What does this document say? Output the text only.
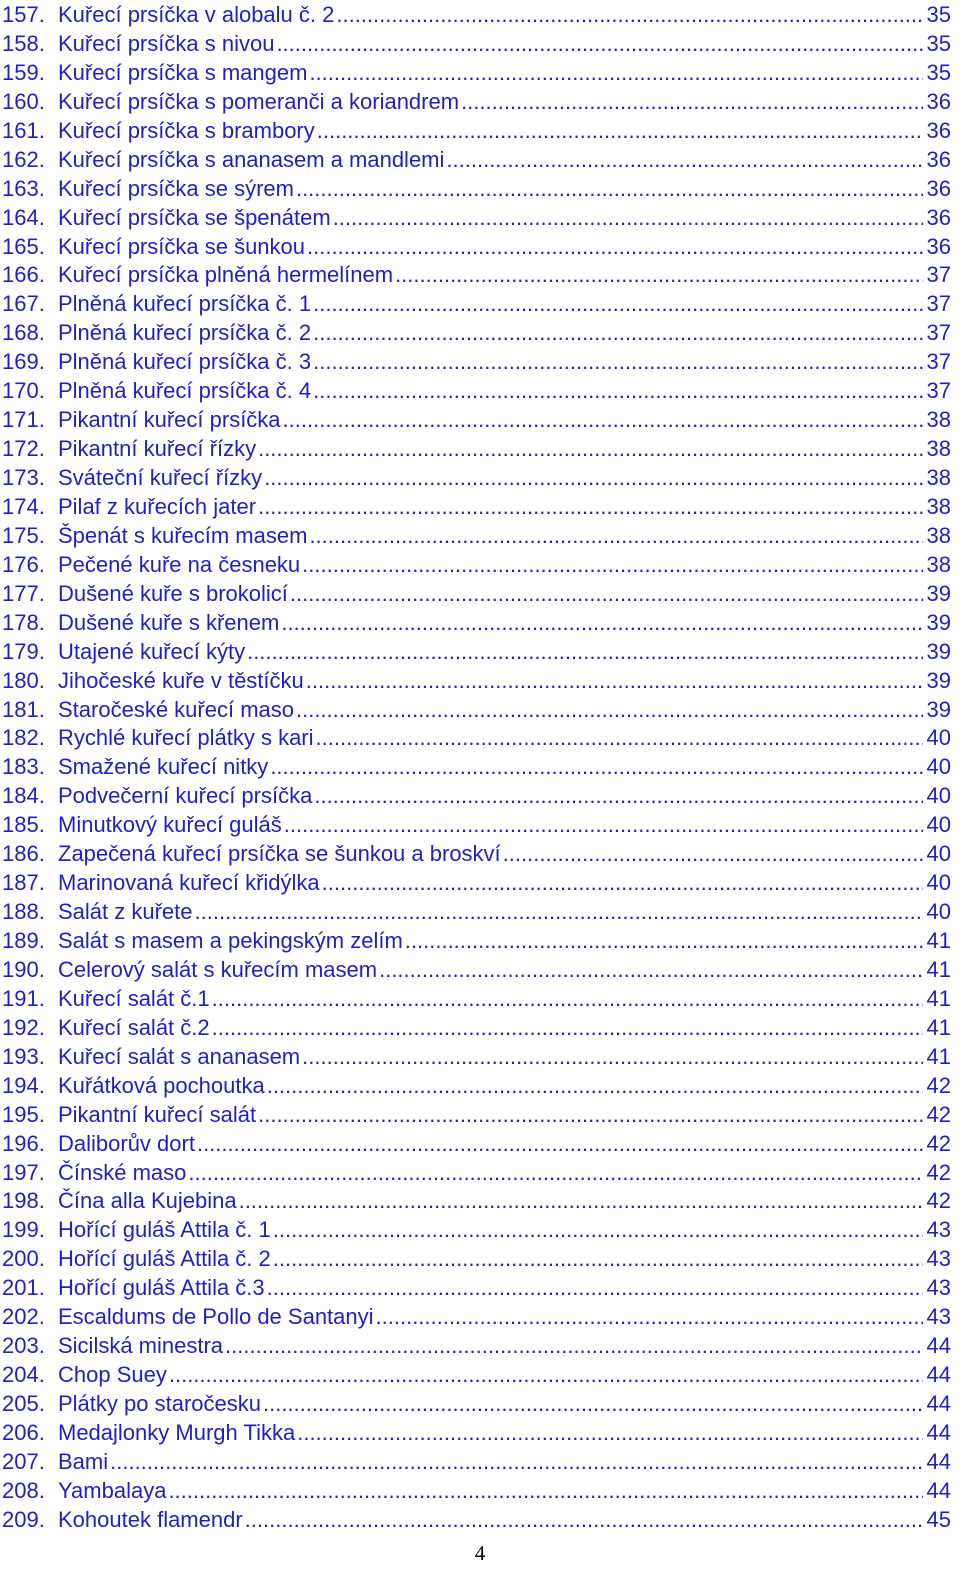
157. Kuřecí prsíčka v alobalu č. 2 .....	35
158. Kuřecí prsíčka s nivou .....	35
159. Kuřecí prsíčka s mangem .....	35
160. Kuřecí prsíčka s pomeranči a koriandrem .....	36
161. Kuřecí prsíčka s brambory .....	36
162. Kuřecí prsíčka s ananasem a mandlemi .....	36
163. Kuřecí prsíčka se sýrem .....	36
164. Kuřecí prsíčka se špenátem .....	36
165. Kuřecí prsíčka se šunkou .....	36
166. Kuřecí prsíčka plněná hermelínem .....	37
167. Plněná kuřecí prsíčka č. 1 .....	37
168. Plněná kuřecí prsíčka č. 2 .....	37
169. Plněná kuřecí prsíčka č. 3 .....	37
170. Plněná kuřecí prsíčka č. 4 .....	37
171. Pikantní kuřecí prsíčka .....	38
172. Pikantní kuřecí řízky .....	38
173. Sváteční kuřecí řízky .....	38
174. Pilaf z kuřecích jater .....	38
175. Špenát s kuřecím masem .....	38
176. Pečené kuře na česneku .....	38
177. Dušené kuře s brokolicí .....	39
178. Dušené kuře s křenem .....	39
179. Utajené kuřecí kýty .....	39
180. Jihočeské kuře v těstíčku .....	39
181. Staročeské kuřecí maso .....	39
182. Rychlé kuřecí plátky s kari .....	40
183. Smažené kuřecí nitky .....	40
184. Podvečerní kuřecí prsíčka .....	40
185. Minutkový kuřecí guláš .....	40
186. Zapečená kuřecí prsíčka se šunkou a broskví .....	40
187. Marinovaná kuřecí křidýlka .....	40
188. Salát z kuřete .....	40
189. Salát s masem a pekingským zelím .....	41
190. Celerový salát s kuřecím masem .....	41
191. Kuřecí salát č.1 .....	41
192. Kuřecí salát č.2 .....	41
193. Kuřecí salát s ananasem .....	41
194. Kuřátková pochoutka .....	42
195. Pikantní kuřecí salát .....	42
196. Daliborův dort .....	42
197. Čínské maso .....	42
198. Čína alla Kujebina .....	42
199. Hořící guláš Attila č. 1 .....	43
200. Hořící guláš Attila č. 2 .....	43
201. Hořící guláš Attila č.3 .....	43
202. Escaldums de Pollo de Santanyi .....	43
203. Sicilská minestra .....	44
204. Chop Suey .....	44
205. Plátky po staročesku .....	44
206. Medajlonky Murgh Tikka .....	44
207. Bami .....	44
208. Yambalaya .....	44
209. Kohoutek flamendr .....	45
4
